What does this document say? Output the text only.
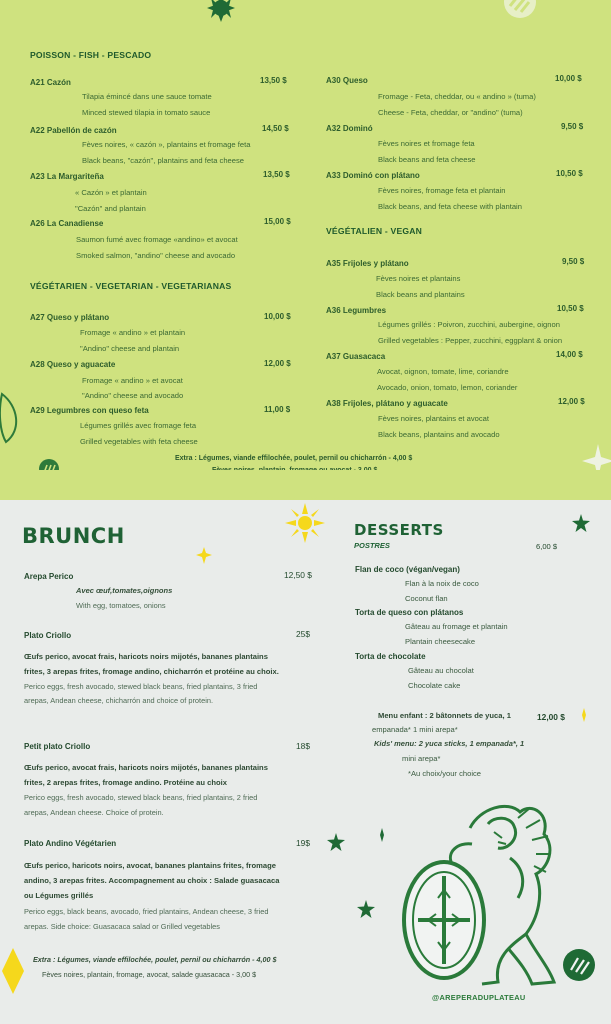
POISSON - FISH - PESCADO
A21 Cazón	13,50 $
Tilapia émincé dans une sauce tomate
Minced stewed tilapia in tomato sauce
A22 Pabellón de cazón	14,50 $
Fèves noires, « cazón », plantains et fromage feta
Black beans, "cazón", plantains and feta cheese
A23 La Margariteña	13,50 $
« Cazón » et plantain
"Cazón" and plantain
A26 La Canadiense	15,00 $
Saumon fumé avec fromage «andino» et avocat
Smoked salmon, "andino" cheese and avocado
VÉGÉTARIEN - VEGETARIAN - VEGETARIANAS
A27 Queso y plátano	10,00 $
Fromage « andino » et plantain
"Andino" cheese and plantain
A28 Queso y aguacate	12,00 $
Fromage « andino » et avocat
"Andino" cheese and avocado
A29 Legumbres con queso feta	11,00 $
Légumes grillés avec fromage feta
Grilled vegetables with feta cheese
A30 Queso	10,00 $
Fromage - Feta, cheddar, ou « andino » (tuma)
Cheese - Feta, cheddar, or "andino" (tuma)
A32 Dominó	9,50 $
Fèves noires et fromage feta
Black beans and feta cheese
A33 Dominó con plátano	10,50 $
Fèves noires, fromage feta et plantain
Black beans, and feta cheese with plantain
VÉGÉTALIEN - VEGAN
A35 Frijoles y plátano	9,50 $
Fèves noires et plantains
Black beans and plantains
A36 Legumbres	10,50 $
Légumes grillés : Poivron, zucchini, aubergine, oignon
Grilled vegetables : Pepper, zucchini, eggplant & onion
A37 Guasacaca	14,00 $
Avocat, oignon, tomate, lime, coriandre
Avocado, onion, tomato, lemon, coriander
A38 Frijoles, plátano y aguacate	12,00 $
Fèves noires, plantains et avocat
Black beans, plantains and avocado
Extra : Légumes, viande effilochée, poulet, pernil ou chicharrón - 4,00 $
BRUNCH	DESSERTS
POSTRES	6,00 $
Flan de coco (végan/vegan)
Flan à la noix de coco
Coconut flan
Torta de queso con plátanos
Gâteau au fromage et plantain
Plantain cheesecake
Torta de chocolate
Gâteau au chocolat
Chocolate cake
Menu enfant : 2 bâtonnets de yuca, 1
empanada* 1 mini arepa*
12,00 $
Kids' menu: 2 yuca sticks, 1 empanada*, 1
mini arepa*
*Au choix/your choice
Arepa Perico	12,50 $
Avec œuf,tomates,oignons
With egg, tomatoes, onions
Plato Criollo	25$
Œufs perico, avocat frais, haricots noirs mijotés, bananes plantains
frites, 3 arepas frites, fromage andino, chicharrón et protéine au choix.
Perico eggs, fresh avocado, stewed black beans, fried plantains, 3 fried
arepas, Andean cheese, chicharrón and choice of protein.
Petit plato Criollo	18$
Œufs perico, avocat frais, haricots noirs mijotés, bananes plantains
frites, 2 arepas frites, fromage andino. Protéine au choix
Perico eggs, fresh avocado, stewed black beans, fried plantains, 2 fried
arepas, Andean cheese. Choice of protein.
Plato Andino Végétarien	19$
Œufs perico, haricots noirs, avocat, bananes plantains frites, fromage
andino, 3 arepas frites. Accompagnement au choix : Salade guasacaca
ou Légumes grillés
Perico eggs, black beans, avocado, fried plantains, Andean cheese, 3 fried
arepas. Side choice: Guasacaca salad or Grilled vegetables
Extra : Légumes, viande effilochée, poulet, pernil ou chicharrón - 4,00 $
Fèves noires, plantain, fromage, avocat, salade guasacaca - 3,00 $
@AREPERADUPLATEAU
